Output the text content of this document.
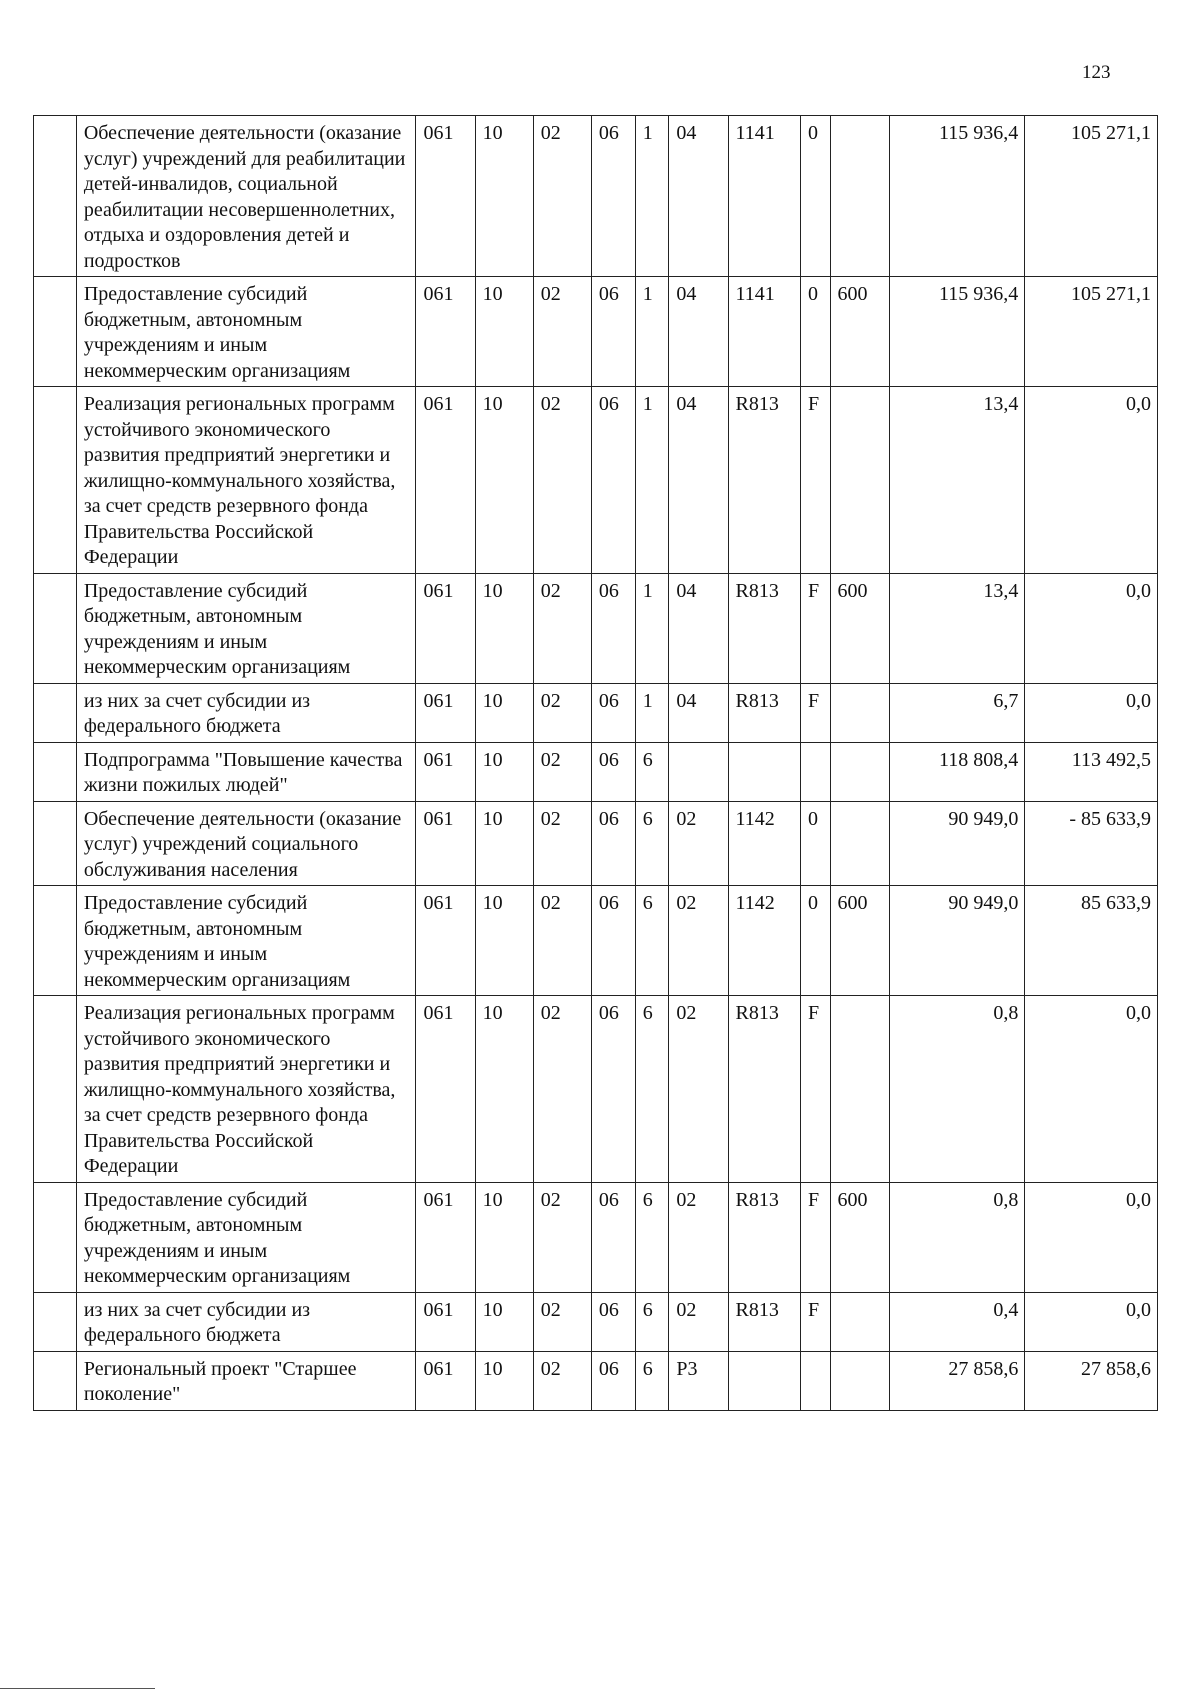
123
	Обеспечение деятельности (оказание услуг) учреждений для реабилитации детей-инвалидов, социальной реабилитации несовершеннолетних, отдыха и оздоровления детей и подростков	061	10	02	06	1	04	1141	0		115 936,4	105 271,1
	Предоставление субсидий бюджетным, автономным учреждениям и иным некоммерческим организациям	061	10	02	06	1	04	1141	0	600	115 936,4	105 271,1
	Реализация региональных программ устойчивого экономического развития предприятий энергетики и жилищно-коммунального хозяйства, за счет средств резервного фонда Правительства Российской Федерации	061	10	02	06	1	04	R813	F		13,4	0,0
	Предоставление субсидий бюджетным, автономным учреждениям и иным некоммерческим организациям	061	10	02	06	1	04	R813	F	600	13,4	0,0
	из них за счет субсидии из федерального бюджета	061	10	02	06	1	04	R813	F		6,7	0,0
	Подпрограмма "Повышение качества жизни пожилых людей"	061	10	02	06	6					118 808,4	113 492,5
	Обеспечение деятельности (оказание услуг) учреждений социального обслуживания населения	061	10	02	06	6	02	1142	0		90 949,0	- 85 633,9
	Предоставление субсидий бюджетным, автономным учреждениям и иным некоммерческим организациям	061	10	02	06	6	02	1142	0	600	90 949,0	85 633,9
	Реализация региональных программ устойчивого экономического развития предприятий энергетики и жилищно-коммунального хозяйства, за счет средств резервного фонда Правительства Российской Федерации	061	10	02	06	6	02	R813	F		0,8	0,0
	Предоставление субсидий бюджетным, автономным учреждениям и иным некоммерческим организациям	061	10	02	06	6	02	R813	F	600	0,8	0,0
	из них за счет субсидии из федерального бюджета	061	10	02	06	6	02	R813	F		0,4	0,0
	Региональный проект "Старшее поколение"	061	10	02	06	6	Р3				27 858,6	27 858,6
